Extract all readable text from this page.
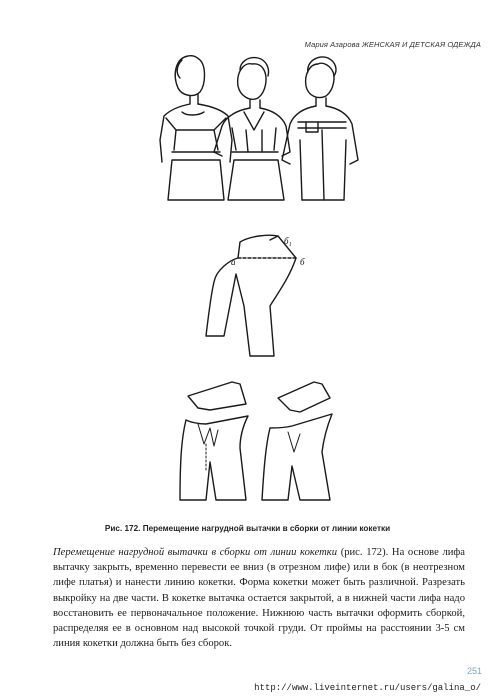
Мария Азарова ЖЕНСКАЯ И ДЕТСКАЯ ОДЕЖДА
а	б
б₁
Рис. 172. Перемещение нагрудной вытачки в сборки от линии кокетки
Перемещение нагрудной вытачки в сборки от линии кокетки (рис. 172). На основе лифа вытачку закрыть, временно перевести ее вниз (в отрезном лифе) или в бок (в неотрезном лифе платья) и нанести линию кокетки. Форма кокетки может быть различной. Разрезать выкройку на две части. В кокетке вытачка остается закрытой, а в нижней части лифа надо восстановить ее первоначальное положение. Нижнюю часть вытачки оформить сборкой, распределяя ее в основном над высокой точкой груди. От проймы на расстоянии 3-5 см линия кокетки должна быть без сборок.
251
http://www.liveinternet.ru/users/galina_o/
